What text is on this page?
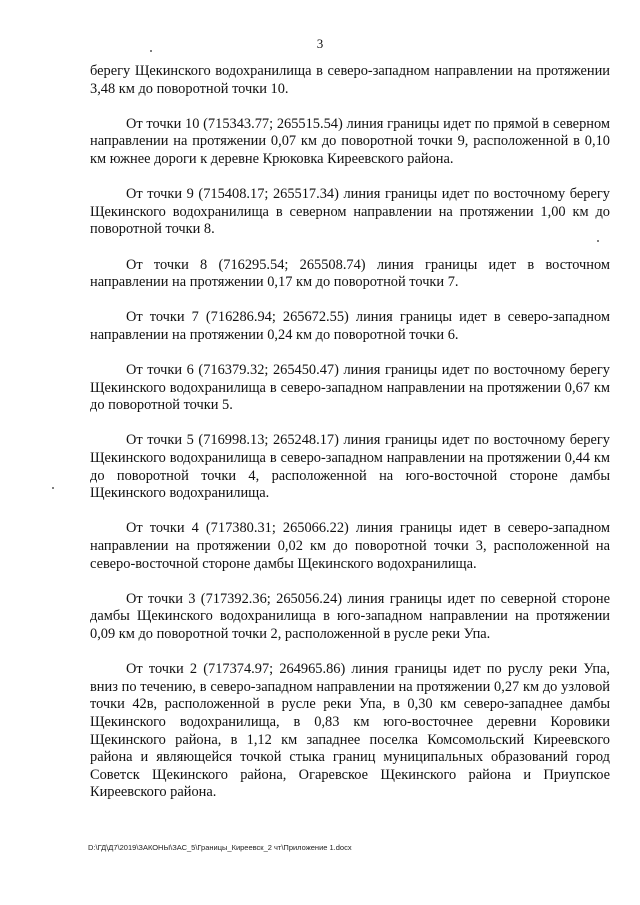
3

берегу Щекинского водохранилища в северо-западном направлении на протяжении 3,48 км до поворотной точки 10.

От точки 10 (715343.77; 265515.54) линия границы идет по прямой в северном направлении на протяжении 0,07 км до поворотной точки 9, расположенной в 0,10 км южнее дороги к деревне Крюковка Киреевского района.

От точки 9 (715408.17; 265517.34) линия границы идет по восточному берегу Щекинского водохранилища в северном направлении на протяжении 1,00 км до поворотной точки 8.

От точки 8 (716295.54; 265508.74) линия границы идет в восточном направлении на протяжении 0,17 км до поворотной точки 7.

От точки 7 (716286.94; 265672.55) линия границы идет в северо-западном направлении на протяжении 0,24 км до поворотной точки 6.

От точки 6 (716379.32; 265450.47) линия границы идет по восточному берегу Щекинского водохранилища в северо-западном направлении на протяжении 0,67 км до поворотной точки 5.

От точки 5 (716998.13; 265248.17) линия границы идет по восточному берегу Щекинского водохранилища в северо-западном направлении на протяжении 0,44 км до поворотной точки 4, расположенной на юго-восточной стороне дамбы Щекинского водохранилища.

От точки 4 (717380.31; 265066.22) линия границы идет в северо-западном направлении на протяжении 0,02 км до поворотной точки 3, расположенной на северо-восточной стороне дамбы Щекинского водохранилища.

От точки 3 (717392.36; 265056.24) линия границы идет по северной стороне дамбы Щекинского водохранилища в юго-западном направлении на протяжении 0,09 км до поворотной точки 2, расположенной в русле реки Упа.

От точки 2 (717374.97; 264965.86) линия границы идет по руслу реки Упа, вниз по течению, в северо-западном направлении на протяжении 0,27 км до узловой точки 42в, расположенной в русле реки Упа, в 0,30 км северо-западнее дамбы Щекинского водохранилища, в 0,83 км юго-восточнее деревни Коровики Щекинского района, в 1,12 км западнее поселка Комсомольский Киреевского района и являющейся точкой стыка границ муниципальных образований город Советск Щекинского района, Огаревское Щекинского района и Приупское Киреевского района.

D:\ГД\Д7\2019\ЗАКОНЫ\ЗАС_5\Границы_Киреевск_2 чт\Приложение 1.docx
